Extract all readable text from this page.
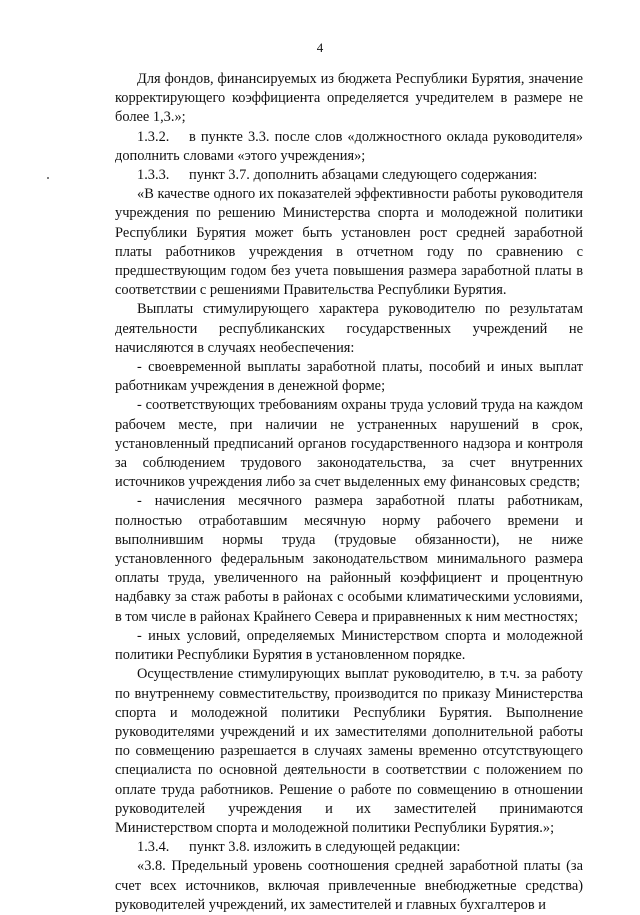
4

Для фондов, финансируемых из бюджета Республики Бурятия, значение корректирующего коэффициента определяется учредителем в размере не более 1,3.»;

1.3.2. в пункте 3.3. после слов «должностного оклада руководителя» дополнить словами «этого учреждения»;

1.3.3. пункт 3.7. дополнить абзацами следующего содержания:

«В качестве одного их показателей эффективности работы руководителя учреждения по решению Министерства спорта и молодежной политики Республики Бурятия может быть установлен рост средней заработной платы работников учреждения в отчетном году по сравнению с предшествующим годом без учета повышения размера заработной платы в соответствии с решениями Правительства Республики Бурятия.

Выплаты стимулирующего характера руководителю по результатам деятельности республиканских государственных учреждений не начисляются в случаях необеспечения:

- своевременной выплаты заработной платы, пособий и иных выплат работникам учреждения в денежной форме;

- соответствующих требованиям охраны труда условий труда на каждом рабочем месте, при наличии не устраненных нарушений в срок, установленный предписаний органов государственного надзора и контроля за соблюдением трудового законодательства, за счет внутренних источников учреждения либо за счет выделенных ему финансовых средств;

- начисления месячного размера заработной платы работникам, полностью отработавшим месячную норму рабочего времени и выполнившим нормы труда (трудовые обязанности), не ниже установленного федеральным законодательством минимального размера оплаты труда, увеличенного на районный коэффициент и процентную надбавку за стаж работы в районах с особыми климатическими условиями, в том числе в районах Крайнего Севера и приравненных к ним местностях;

- иных условий, определяемых Министерством спорта и молодежной политики Республики Бурятия в установленном порядке.

Осуществление стимулирующих выплат руководителю, в т.ч. за работу по внутреннему совместительству, производится по приказу Министерства спорта и молодежной политики Республики Бурятия. Выполнение руководителями учреждений и их заместителями дополнительной работы по совмещению разрешается в случаях замены временно отсутствующего специалиста по основной деятельности в соответствии с положением по оплате труда работников. Решение о работе по совмещению в отношении руководителей учреждения и их заместителей принимаются Министерством спорта и молодежной политики Республики Бурятия.»;

1.3.4. пункт 3.8. изложить в следующей редакции:

«3.8. Предельный уровень соотношения средней заработной платы (за счет всех источников, включая привлеченные внебюджетные средства) руководителей учреждений, их заместителей и главных бухгалтеров и
